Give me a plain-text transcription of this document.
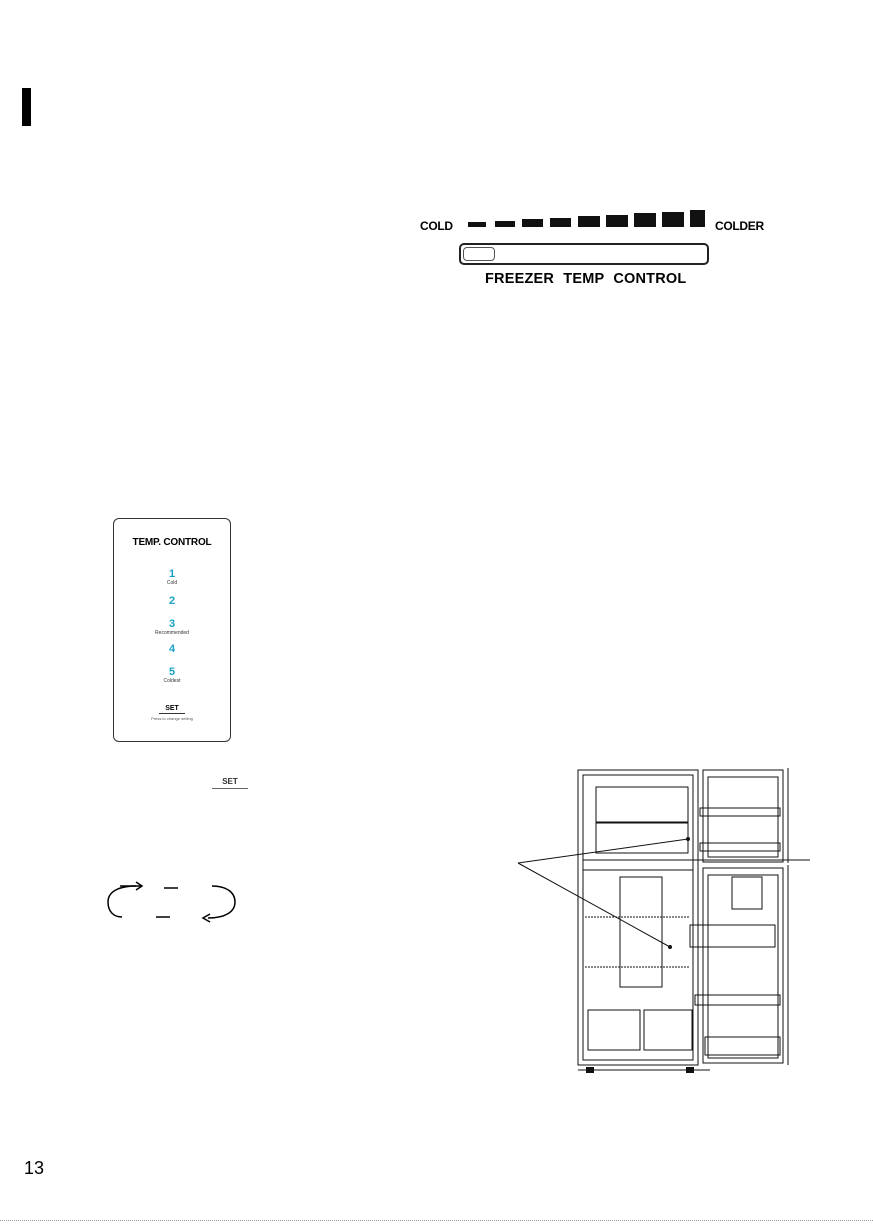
COLD	COLDER
FREEZER TEMP CONTROL
TEMP. CONTROL
1
Cold
2
3
Recommended
4
5
Coldest
SET
Press to change setting
SET
13
